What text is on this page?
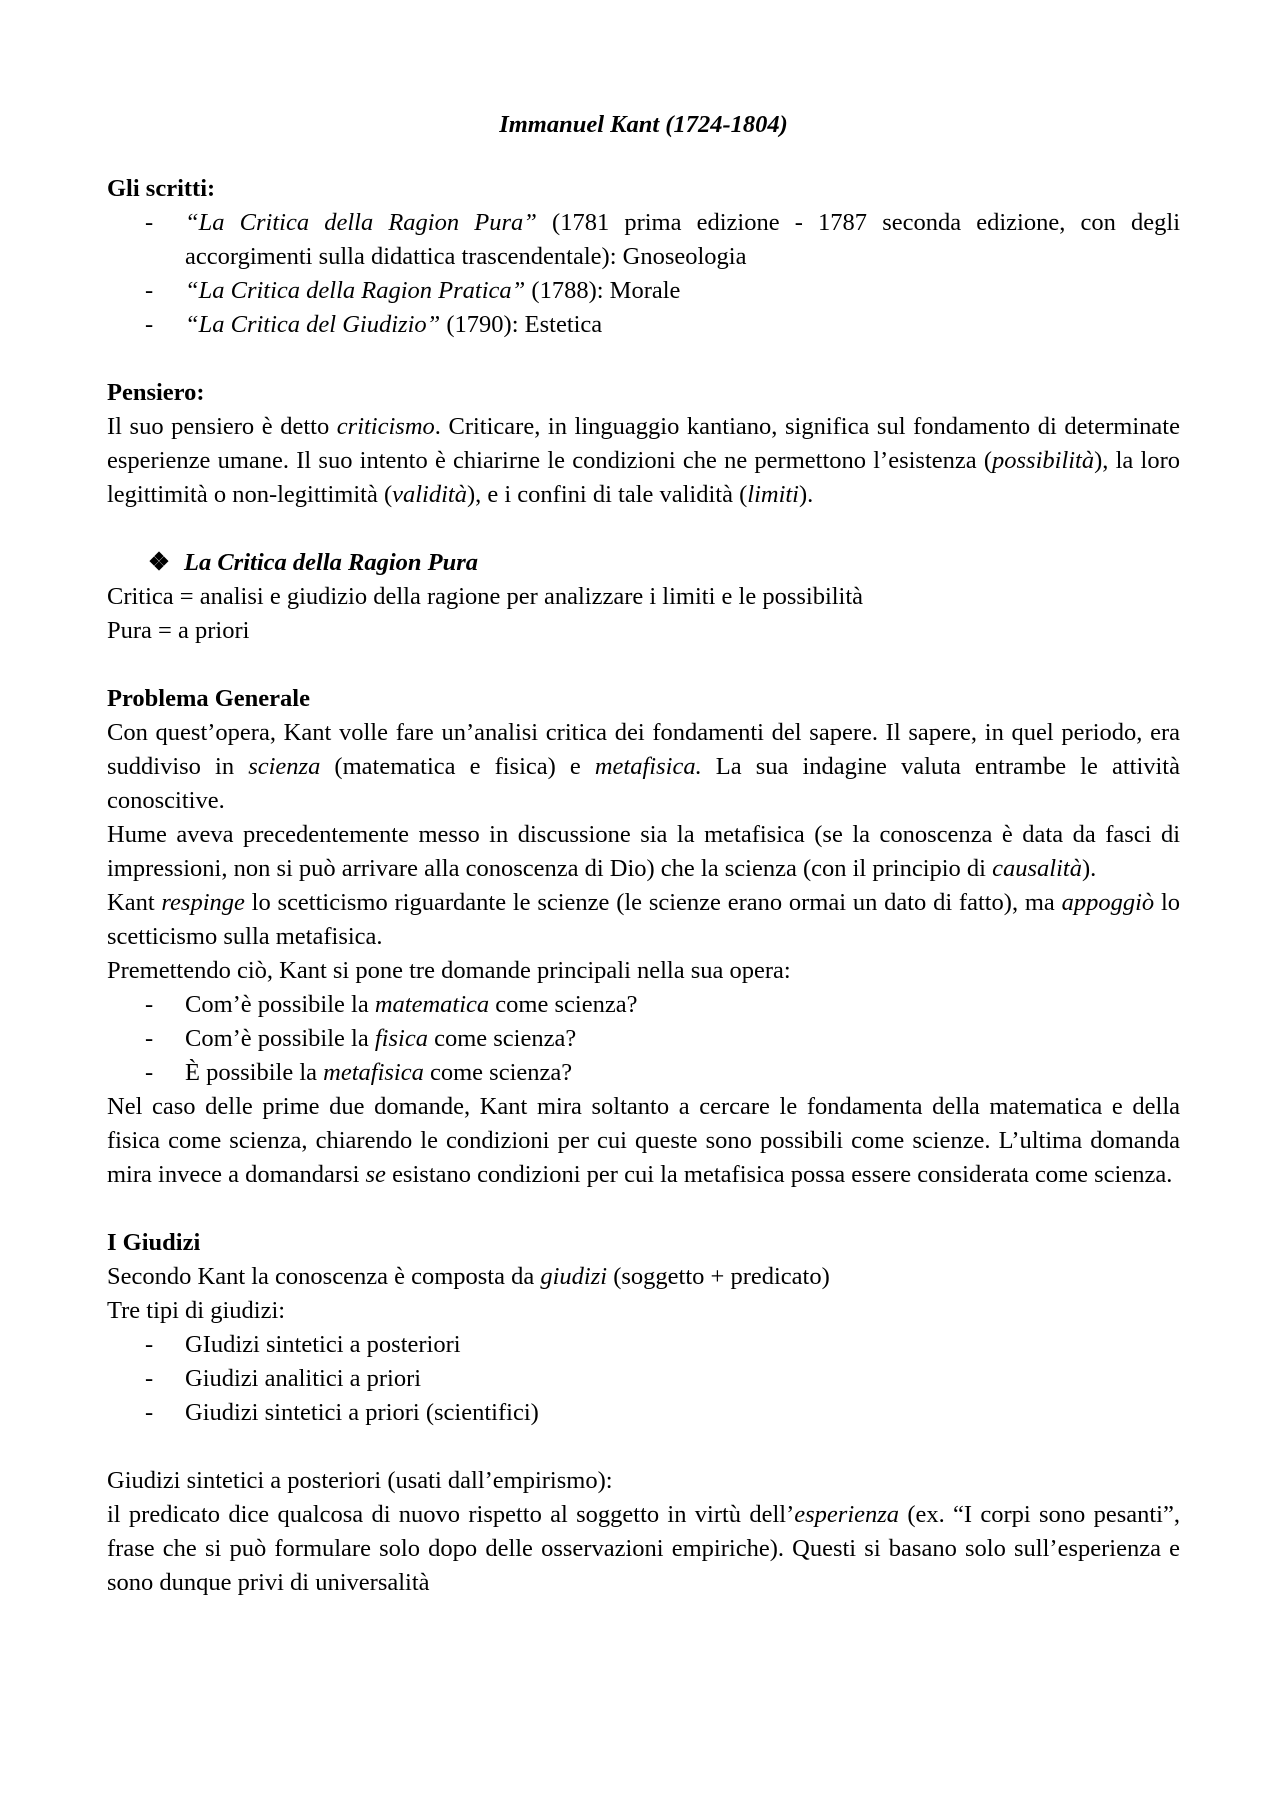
Immanuel Kant (1724-1804)
Gli scritti:
- “La Critica della Ragion Pura” (1781 prima edizione - 1787 seconda edizione, con degli accorgimenti sulla didattica trascendentale): Gnoseologia
- “La Critica della Ragion Pratica” (1788): Morale
- “La Critica del Giudizio” (1790): Estetica
Pensiero:

Il suo pensiero è detto criticismo. Criticare, in linguaggio kantiano, significa sul fondamento di determinate esperienze umane. Il suo intento è chiarirne le condizioni che ne permettono l’esistenza (possibilità), la loro legittimità o non-legittimità (validità), e i confini di tale validità (limiti).

❖ La Critica della Ragion Pura

Critica = analisi e giudizio della ragione per analizzare i limiti e le possibilità

Pura = a priori

Problema Generale

Con quest’opera, Kant volle fare un’analisi critica dei fondamenti del sapere. Il sapere, in quel periodo, era suddiviso in scienza (matematica e fisica) e metafisica. La sua indagine valuta entrambe le attività conoscitive.

Hume aveva precedentemente messo in discussione sia la metafisica (se la conoscenza è data da fasci di impressioni, non si può arrivare alla conoscenza di Dio) che la scienza (con il principio di causalità).

Kant respinge lo scetticismo riguardante le scienze (le scienze erano ormai un dato di fatto), ma appoggiò lo scetticismo sulla metafisica.

Premettendo ciò, Kant si pone tre domande principali nella sua opera:

- Com’è possibile la matematica come scienza?
- Com’è possibile la fisica come scienza?
- È possibile la metafisica come scienza?

Nel caso delle prime due domande, Kant mira soltanto a cercare le fondamenta della matematica e della fisica come scienza, chiarendo le condizioni per cui queste sono possibili come scienze. L’ultima domanda mira invece a domandarsi se esistano condizioni per cui la metafisica possa essere considerata come scienza.

I Giudizi

Secondo Kant la conoscenza è composta da giudizi (soggetto + predicato)

Tre tipi di giudizi:

- GIudizi sintetici a posteriori
- Giudizi analitici a priori
- Giudizi sintetici a priori (scientifici)

Giudizi sintetici a posteriori (usati dall’empirismo):

il predicato dice qualcosa di nuovo rispetto al soggetto in virtù dell’esperienza (ex. “I corpi sono pesanti”, frase che si può formulare solo dopo delle osservazioni empiriche). Questi si basano solo sull’esperienza e sono dunque privi di universalità
